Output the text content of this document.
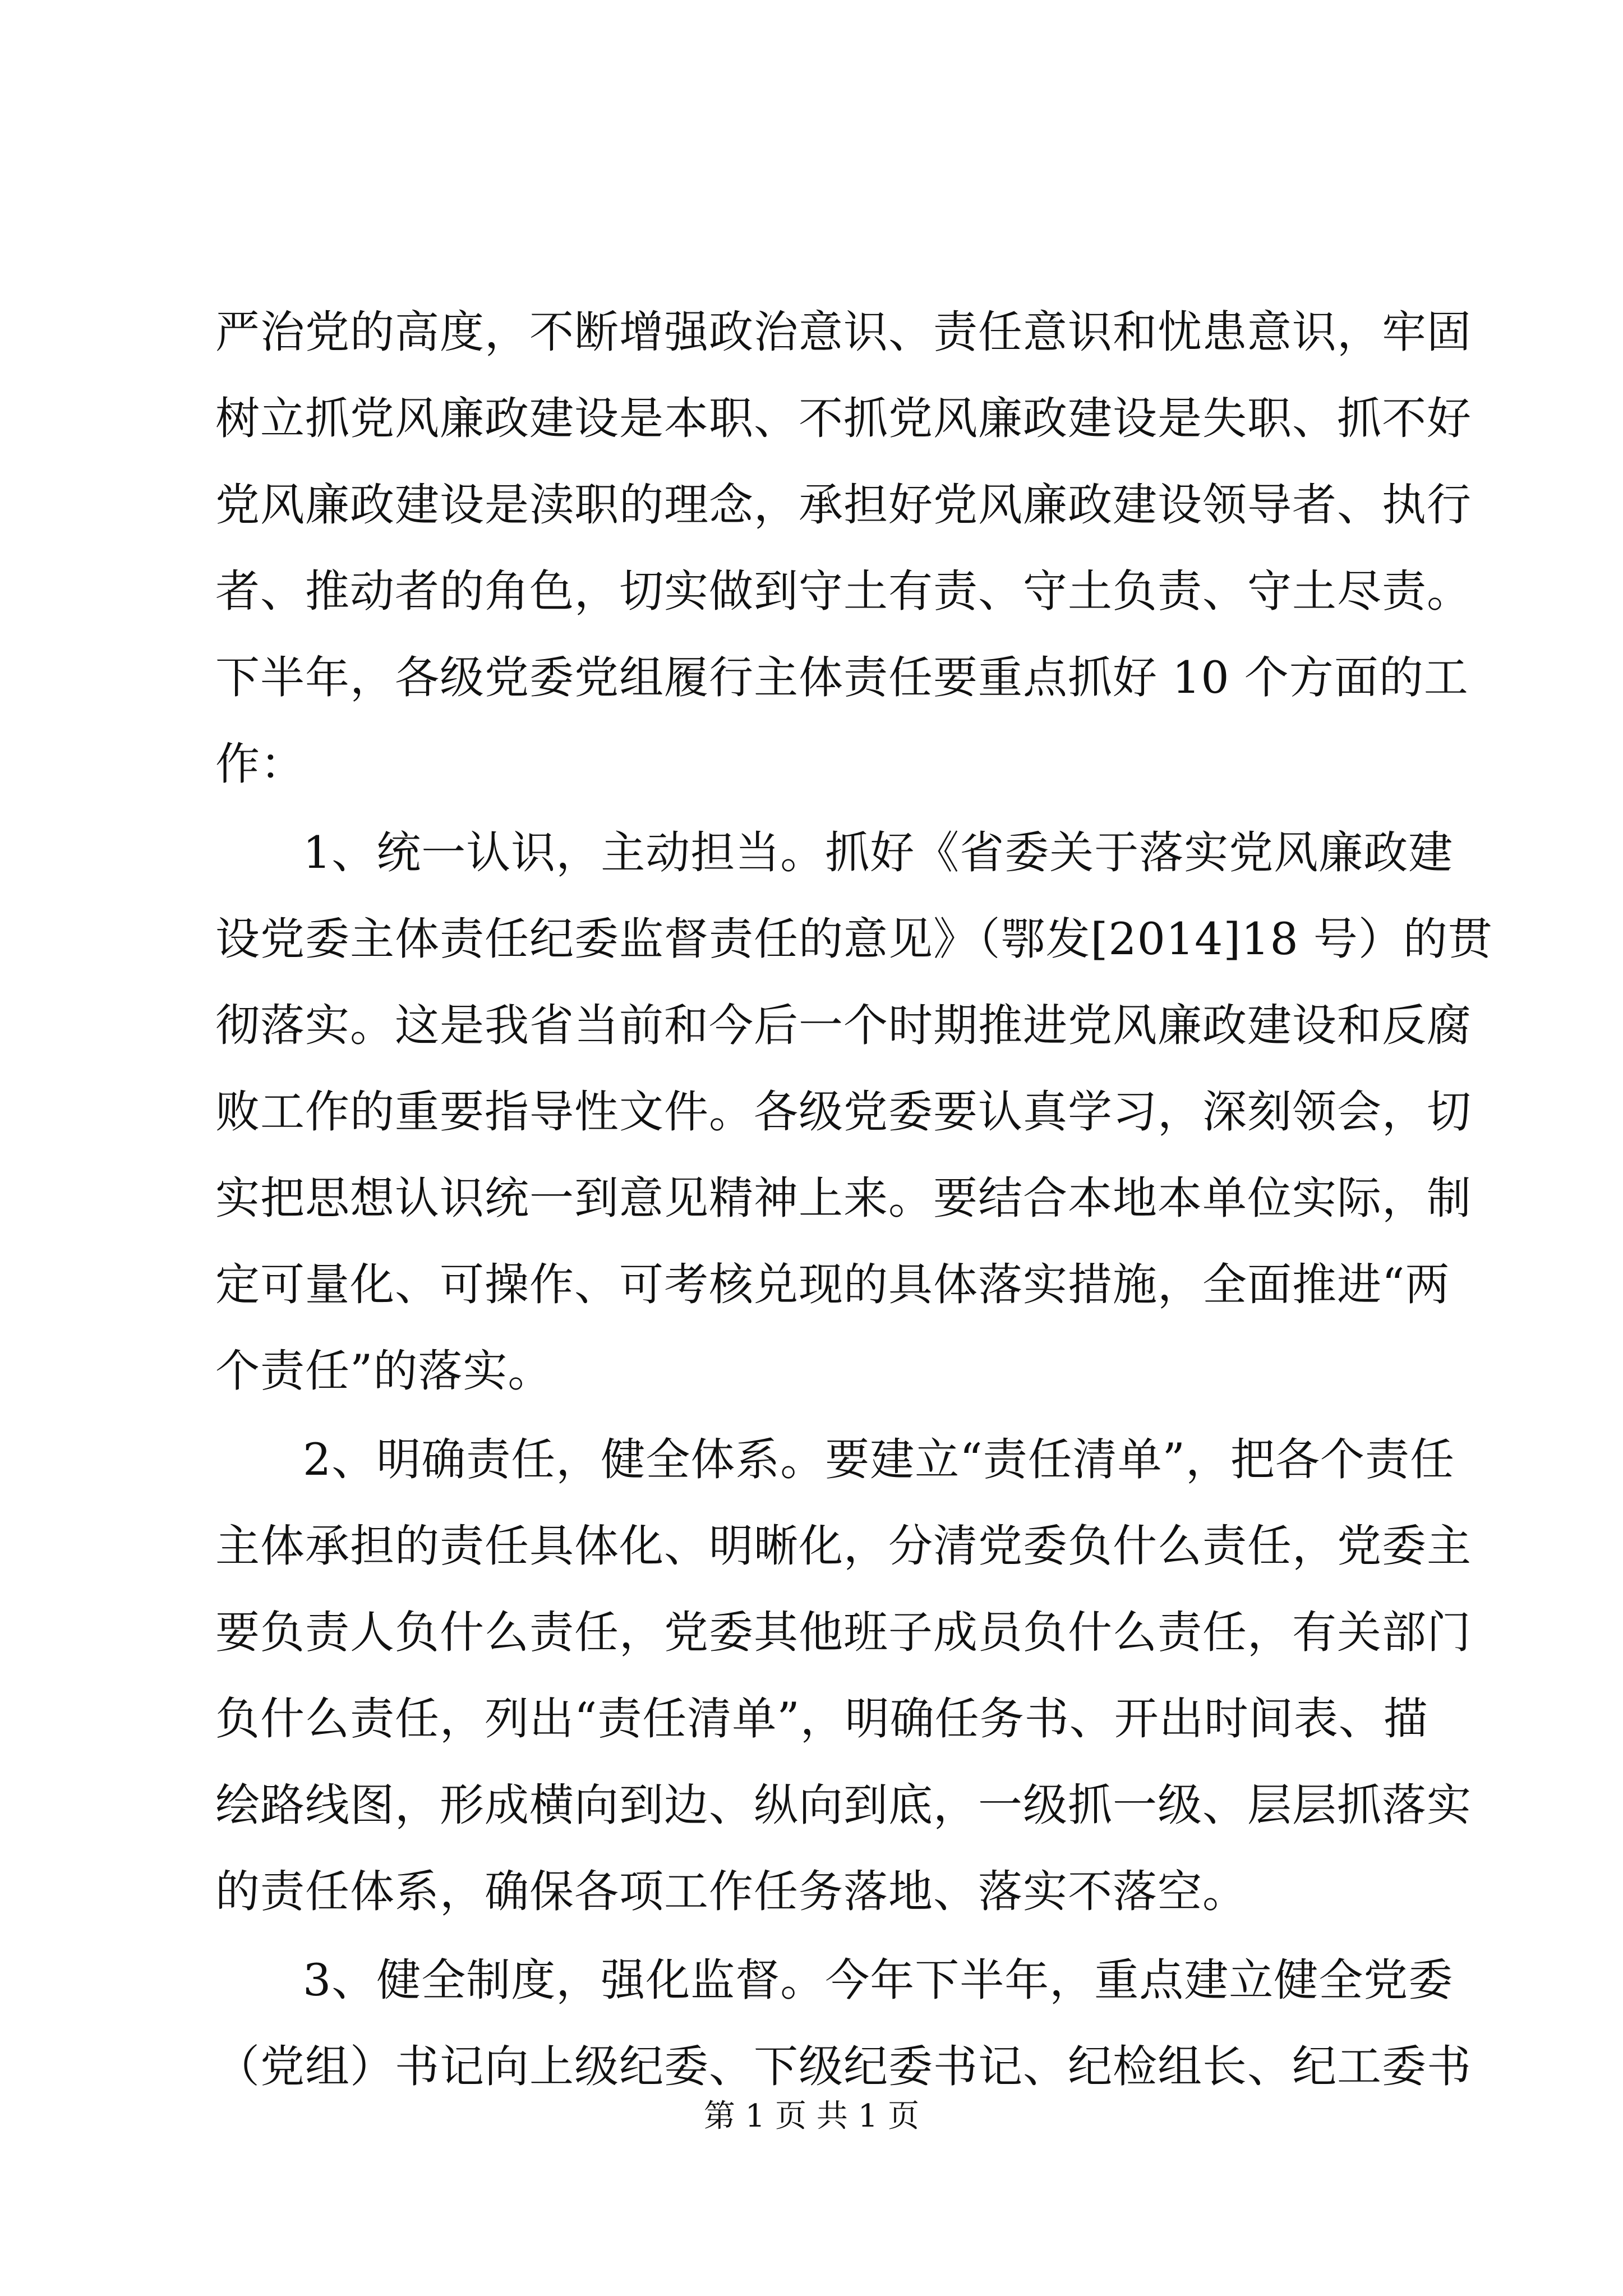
严治党的高度，不断增强政治意识、责任意识和忧患意识，牢固
树立抓党风廉政建设是本职、不抓党风廉政建设是失职、抓不好
党风廉政建设是渎职的理念，承担好党风廉政建设领导者、执行
者、推动者的角色，切实做到守土有责、守土负责、守土尽责。
下半年，各级党委党组履行主体责任要重点抓好 10 个方面的工
作：
1、统一认识，主动担当。抓好《省委关于落实党风廉政建
设党委主体责任纪委监督责任的意见》（鄂发[2014]18 号）的贯
彻落实。这是我省当前和今后一个时期推进党风廉政建设和反腐
败工作的重要指导性文件。各级党委要认真学习，深刻领会，切
实把思想认识统一到意见精神上来。要结合本地本单位实际，制
定可量化、可操作、可考核兑现的具体落实措施，全面推进“两
个责任”的落实。
2、明确责任，健全体系。要建立“责任清单”，把各个责任
主体承担的责任具体化、明晰化，分清党委负什么责任，党委主
要负责人负什么责任，党委其他班子成员负什么责任，有关部门
负什么责任，列出“责任清单”，明确任务书、开出时间表、描
绘路线图，形成横向到边、纵向到底，一级抓一级、层层抓落实
的责任体系，确保各项工作任务落地、落实不落空。
3、健全制度，强化监督。今年下半年，重点建立健全党委
（党组）书记向上级纪委、下级纪委书记、纪检组长、纪工委书
第 1 页 共 1 页
